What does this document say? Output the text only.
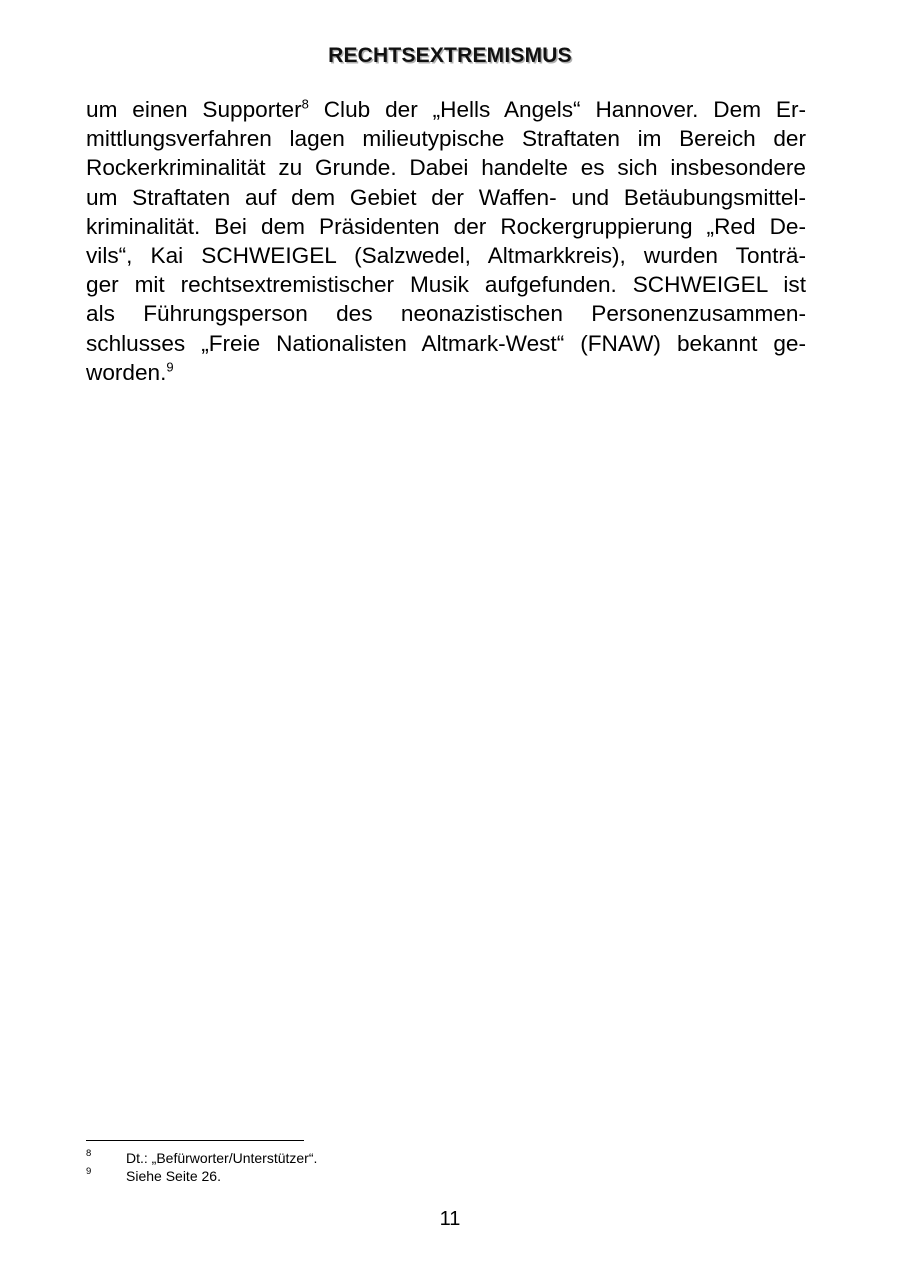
RECHTSEXTREMISMUS
um einen Supporter$^8$ Club der „Hells Angels“ Hannover. Dem Er-
mittlungsverfahren lagen milieutypische Straftaten im Bereich der
Rockerkriminalität zu Grunde. Dabei handelte es sich insbesondere
um Straftaten auf dem Gebiet der Waffen- und Betäubungsmittel-
kriminalität. Bei dem Präsidenten der Rockergruppierung „Red De-
vils“, Kai SCHWEIGEL (Salzwedel, Altmarkkreis), wurden Tonträ-
ger mit rechtsextremistischer Musik aufgefunden. SCHWEIGEL ist
als Führungsperson des neonazistischen Personenzusammen-
schlusses „Freie Nationalisten Altmark-West“ (FNAW) bekannt ge-
worden.$^9$
8 Dt.: „Befürworter/Unterstützer“.
9 Siehe Seite 26.
11
